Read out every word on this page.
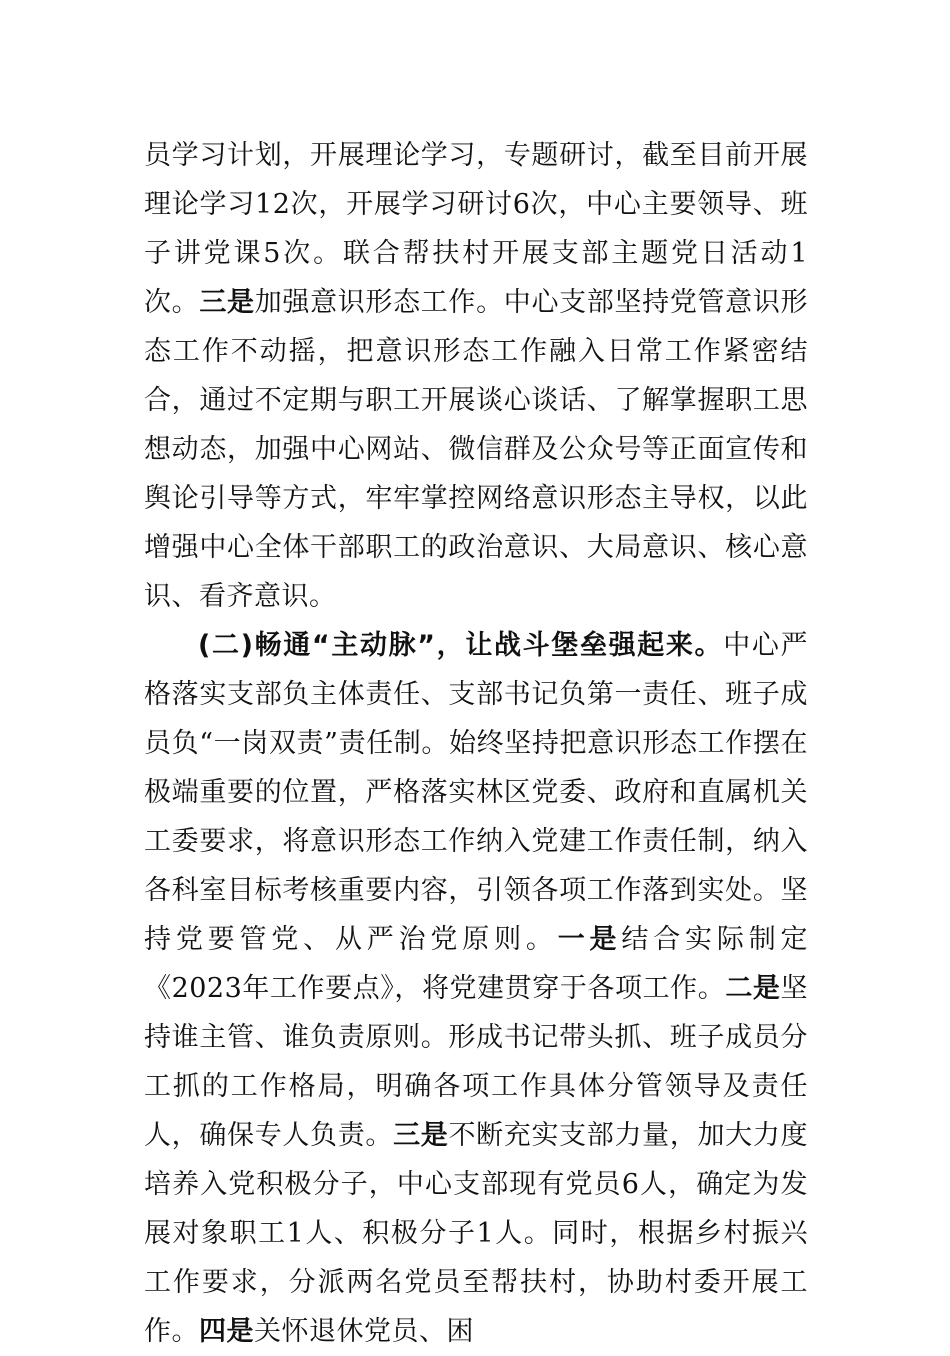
员学习计划，开展理论学习，专题研讨，截至目前开展理论学习12次，开展学习研讨6次，中心主要领导、班子讲党课5次。联合帮扶村开展支部主题党日活动1次。三是加强意识形态工作。中心支部坚持党管意识形态工作不动摇，把意识形态工作融入日常工作紧密结合，通过不定期与职工开展谈心谈话、了解掌握职工思想动态，加强中心网站、微信群及公众号等正面宣传和舆论引导等方式，牢牢掌控网络意识形态主导权，以此增强中心全体干部职工的政治意识、大局意识、核心意识、看齐意识。

(二)畅通“主动脉”，让战斗堡垒强起来。中心严格落实支部负主体责任、支部书记负第一责任、班子成员负“一岗双责”责任制。始终坚持把意识形态工作摆在极端重要的位置，严格落实林区党委、政府和直属机关工委要求，将意识形态工作纳入党建工作责任制，纳入各科室目标考核重要内容，引领各项工作落到实处。坚持党要管党、从严治党原则。一是结合实际制定《2023年工作要点》，将党建贯穿于各项工作。二是坚持谁主管、谁负责原则。形成书记带头抓、班子成员分工抓的工作格局，明确各项工作具体分管领导及责任人，确保专人负责。三是不断充实支部力量，加大力度培养入党积极分子，中心支部现有党员6人，确定为发展对象职工1人、积极分子1人。同时，根据乡村振兴工作要求，分派两名党员至帮扶村，协助村委开展工作。四是关怀退休党员、困
